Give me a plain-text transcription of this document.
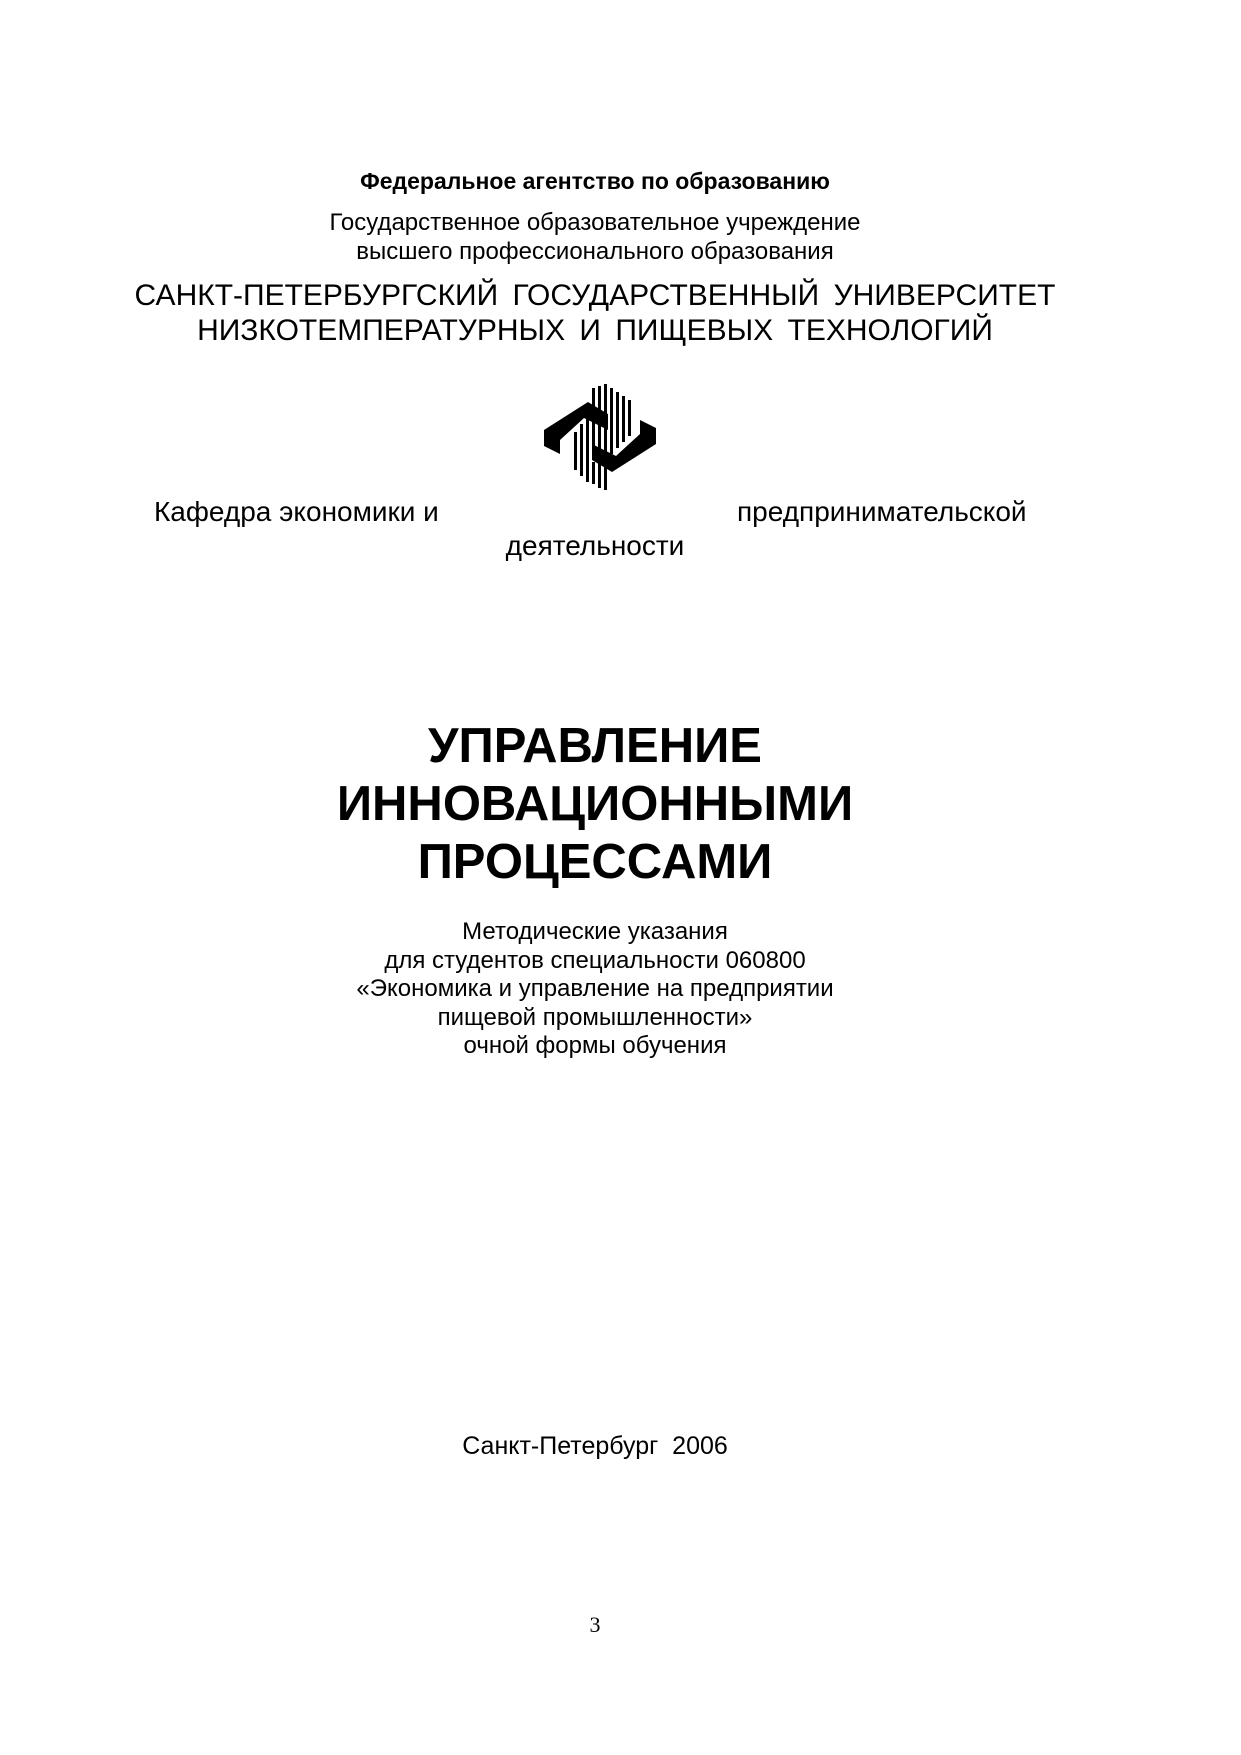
Федеральное агентство по образованию
Государственное образовательное учреждение
высшего профессионального образования
САНКТ-ПЕТЕРБУРГСКИЙ ГОСУДАРСТВЕННЫЙ УНИВЕРСИТЕТ
НИЗКОТЕМПЕРАТУРНЫХ И ПИЩЕВЫХ ТЕХНОЛОГИЙ
Кафедра экономики и	предпринимательской
деятельности
УПРАВЛЕНИЕ
ИННОВАЦИОННЫМИ
ПРОЦЕССАМИ
Методические указания
для студентов специальности 060800
«Экономика и управление на предприятии
пищевой промышленности»
очной формы обучения
Санкт-Петербург  2006
3
